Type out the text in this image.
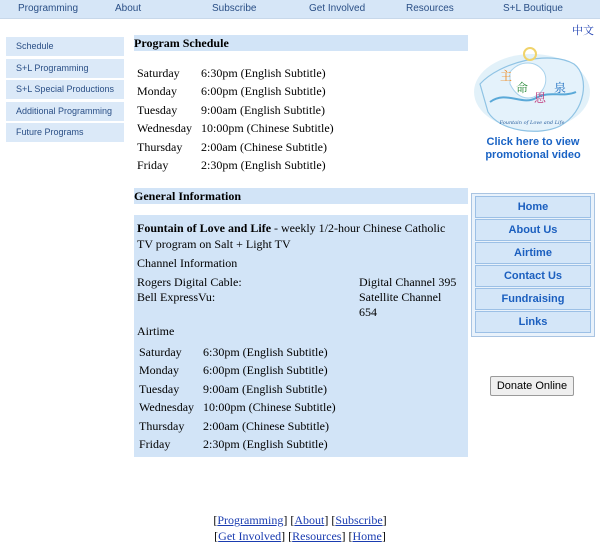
Programming	About	Subscribe	Get Involved	Resources	S+L Boutique
中文
Schedule
S+L Programming
S+L Special Productions
Additional Programming
Future Programs
Program Schedule
Saturday	6:30pm (English Subtitle)
Monday	6:00pm (English Subtitle)
Tuesday	9:00am (English Subtitle)
Wednesday	10:00pm (Chinese Subtitle)
Thursday	2:00am (Chinese Subtitle)
Friday	2:30pm (English Subtitle)
General Information
Fountain of Love and Life - weekly 1/2-hour Chinese Catholic
TV program on Salt + Light TV
Channel Information
Rogers Digital Cable:	Digital Channel 395
Bell ExpressVu:	Satellite Channel
654
Airtime
Saturday	6:30pm (English Subtitle)
Monday	6:00pm (English Subtitle)
Tuesday	9:00am (English Subtitle)
Wednesday	10:00pm (Chinese Subtitle)
Thursday	2:00am (Chinese Subtitle)
Friday	2:30pm (English Subtitle)
主
命
恩
泉
Fountain of Love and Life
Click here to view
promotional video
Home
About Us
Airtime
Contact Us
Fundraising
Links
Donate Online
[Programming] [About] [Subscribe]
[Get Involved] [Resources] [Home]
